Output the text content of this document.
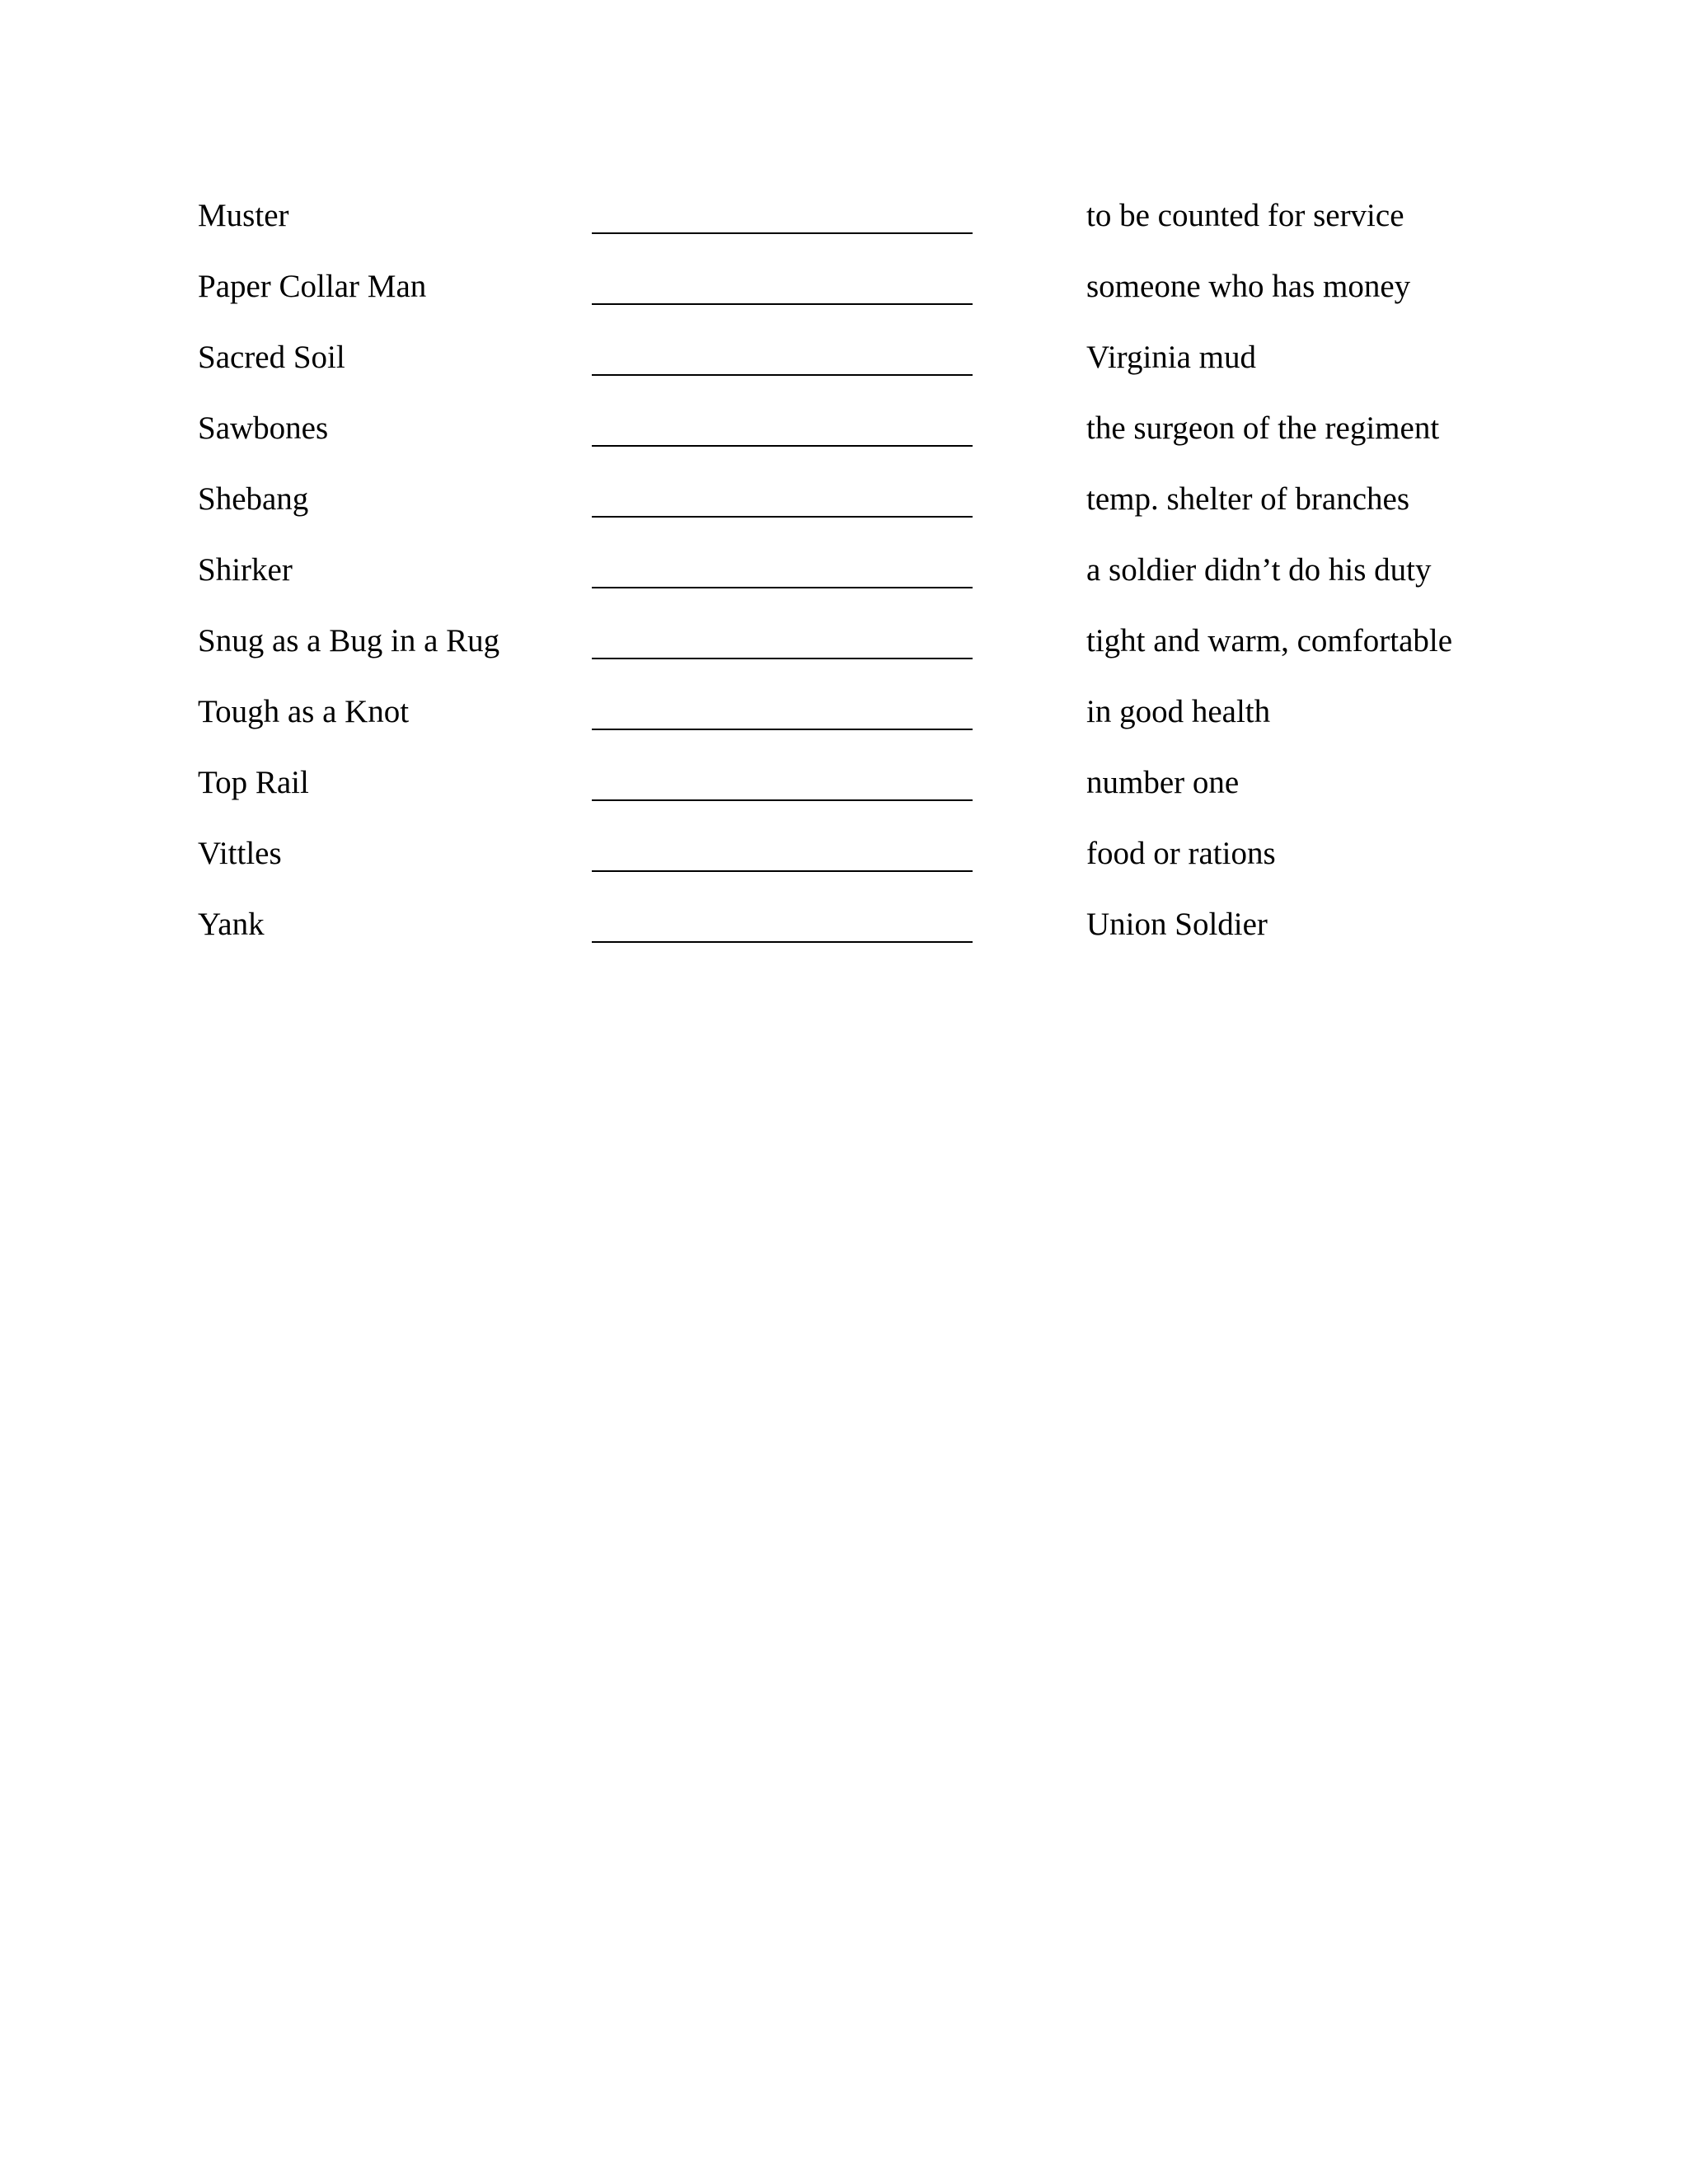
Muster	to be counted for service
Paper Collar Man	someone who has money
Sacred Soil	Virginia mud
Sawbones	the surgeon of the regiment
Shebang	temp. shelter of branches
Shirker	a soldier didn’t do his duty
Snug as a Bug in a Rug	tight and warm, comfortable
Tough as a Knot	in good health
Top Rail	number one
Vittles	food or rations
Yank	Union Soldier
